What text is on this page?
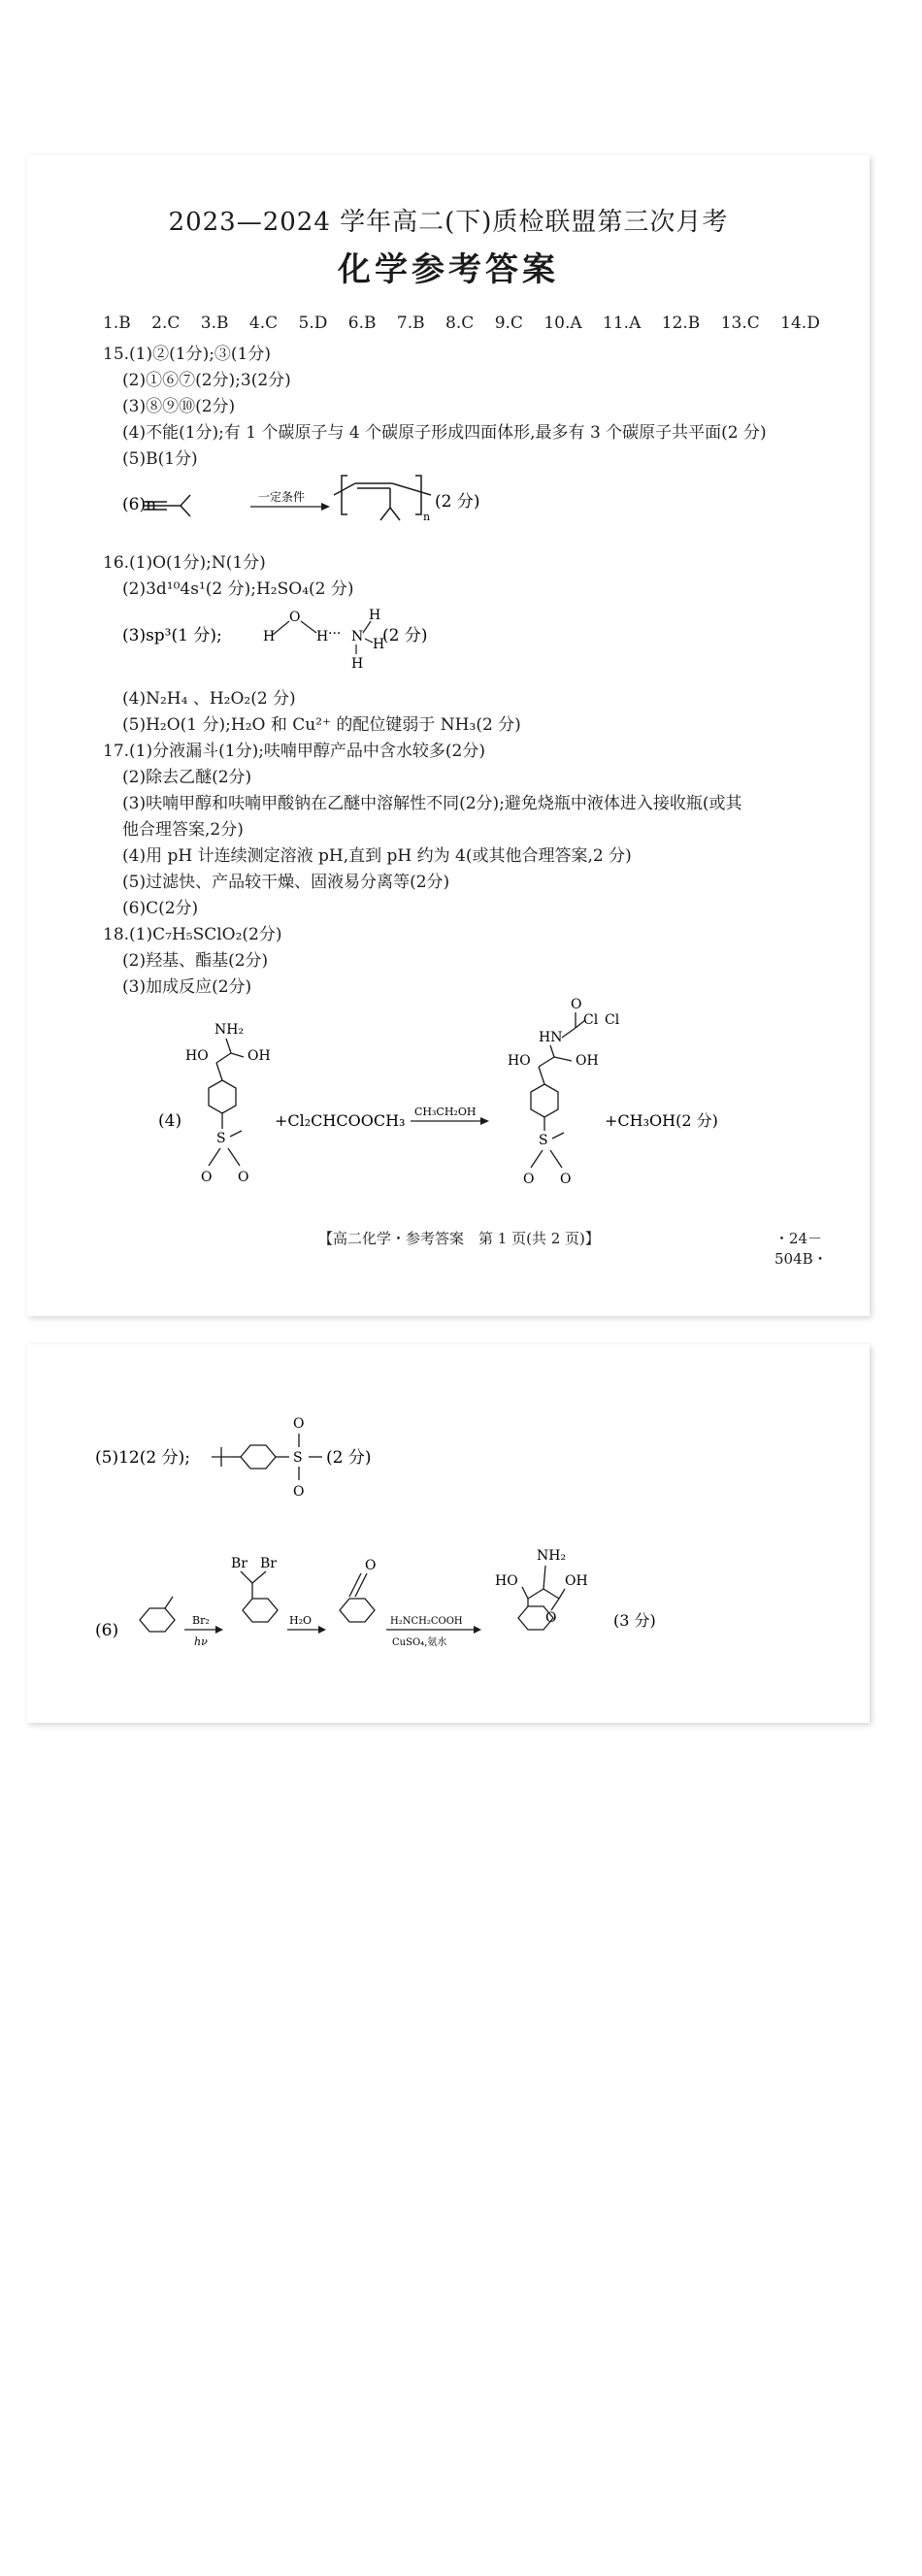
2023—2024 学年高二(下)质检联盟第三次月考
化学参考答案
1.B 2.C 3.B 4.C 5.D 6.B 7.B 8.C 9.C 10.A 11.A 12.B 13.C 14.D
15.(1)②(1分);③(1分)
(2)①⑥⑦(2分);3(2分)
(3)⑧⑨⑩(2分)
(4)不能(1分);有 1 个碳原子与 4 个碳原子形成四面体形,最多有 3 个碳原子共平面(2 分)
(5)B(1分)
(6)n	一定条件
n
(2 分)
16.(1)O(1分);N(1分)
(2)3d¹⁰4s¹(2 分);H₂SO₄(2 分)
(3)sp³(1 分);	H
O
H ··· N
H
H
H
(2 分)
(4)N₂H₄ 、H₂O₂(2 分)
(5)H₂O(1 分);H₂O 和 Cu²⁺ 的配位键弱于 NH₃(2 分)
17.(1)分液漏斗(1分);呋喃甲醇产品中含水较多(2分)
(2)除去乙醚(2分)
(3)呋喃甲醇和呋喃甲酸钠在乙醚中溶解性不同(2分);避免烧瓶中液体进入接收瓶(或其
他合理答案,2分)
(4)用 pH 计连续测定溶液 pH,直到 pH 约为 4(或其他合理答案,2 分)
(5)过滤快、产品较干燥、固液易分离等(2分)
(6)C(2分)
18.(1)C₇H₅SClO₂(2分)
(2)羟基、酯基(2分)
(3)加成反应(2分)
(4)
NH₂
HO	OH
S
O O
+Cl₂CHCOOCH₃ CH₃CH₂OH
O
Cl Cl
HN
HO	OH
S
O O
+CH₃OH(2 分)
【高二化学・参考答案　第 1 页(共 2 页)】	・24－504B・
(5)12(2 分);
O
S
O
(2 分)
(6)
Br₂
hν
Br Br
H₂O
O
H₂NCH₂COOH
CuSO₄,氨水
NH₂
HO	OH
O	(3 分)
